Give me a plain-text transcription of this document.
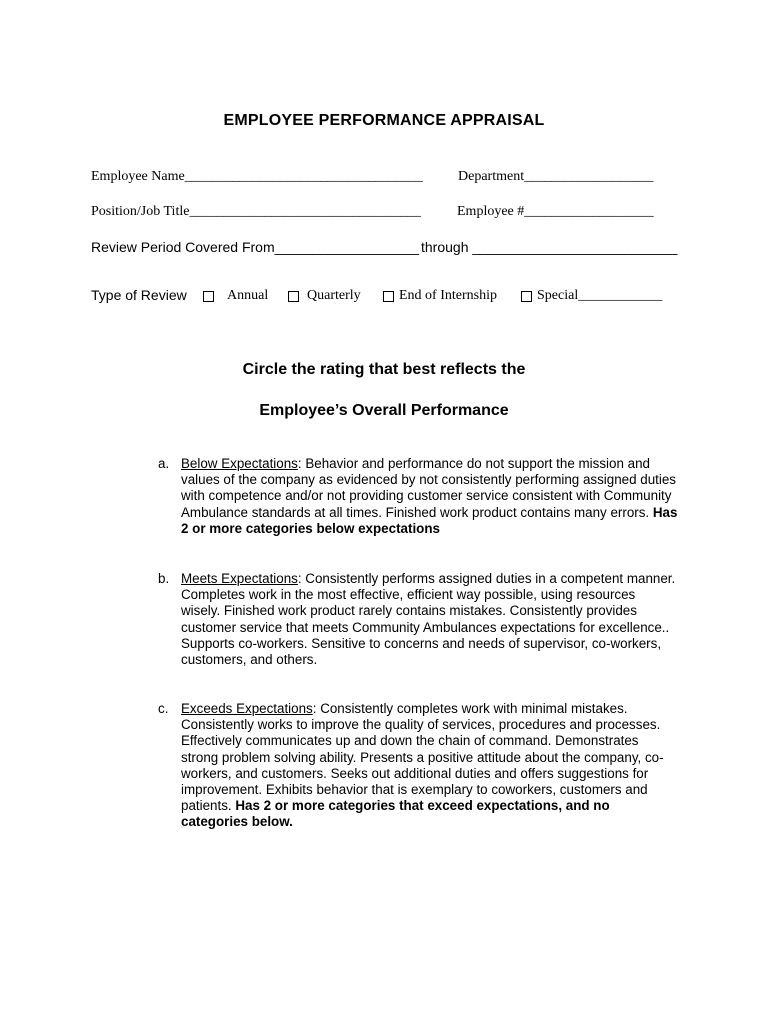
EMPLOYEE PERFORMANCE APPRAISAL
Employee Name___________________________________	Department___________________
Position/Job Title__________________________________	Employee #___________________
Review Period Covered From___________________ through ___________________________
Type of Review	Annual	Quarterly	End of Internship	Special____________
Circle the rating that best reflects the
Employee’s Overall Performance
a. Below Expectations: Behavior and performance do not support the mission and values of the company as evidenced by not consistently performing assigned duties with competence and/or not providing customer service consistent with Community Ambulance standards at all times. Finished work product contains many errors. Has 2 or more categories below expectations
b. Meets Expectations: Consistently performs assigned duties in a competent manner. Completes work in the most effective, efficient way possible, using resources wisely. Finished work product rarely contains mistakes. Consistently provides customer service that meets Community Ambulances expectations for excellence.. Supports co-workers. Sensitive to concerns and needs of supervisor, co-workers, customers, and others.
c. Exceeds Expectations: Consistently completes work with minimal mistakes. Consistently works to improve the quality of services, procedures and processes. Effectively communicates up and down the chain of command. Demonstrates strong problem solving ability. Presents a positive attitude about the company, co-workers, and customers. Seeks out additional duties and offers suggestions for improvement. Exhibits behavior that is exemplary to coworkers, customers and patients. Has 2 or more categories that exceed expectations, and no categories below.
